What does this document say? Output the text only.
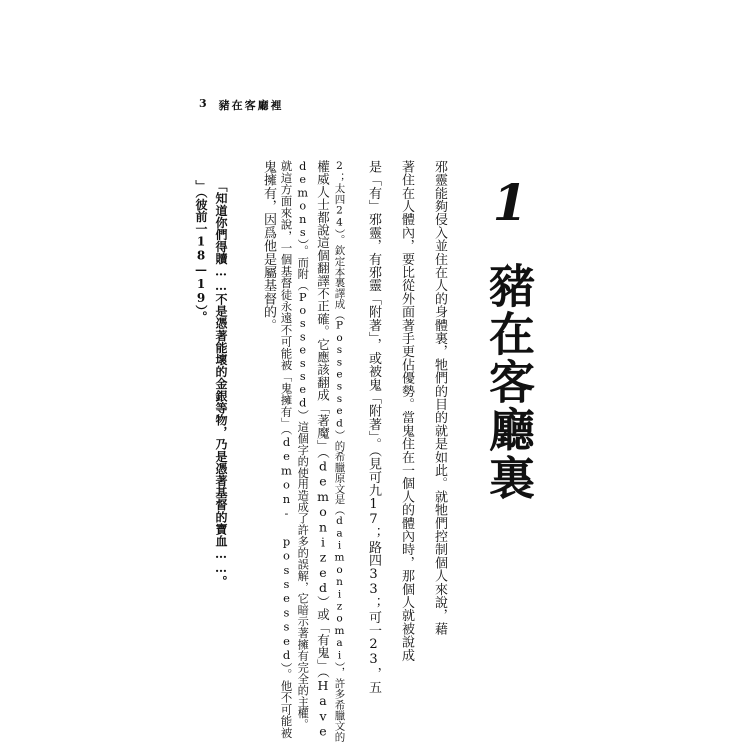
3 豬在客廳裡
1
豬在客廳裏
邪靈能夠侵入並住在人的身體裏，牠們的目的就是如此。就牠們控制個人來說，藉
著住在人體內，要比從外面著手更佔優勢。當鬼住在一個人的體內時，那個人就被說成
是「有」邪靈，有邪靈「附著」，或被鬼「附著」。（見可九17；路四33；可一23，五
2；太四24）。欽定本裏譯成（Possessed）的希臘原文是（daimonizomai），許多希臘文的
權威人士都說這個翻譯不正確。它應該翻成「著魔」（demonized）或「有鬼」（Have
demons）。而附（Possessed）這個字的使用造成了許多的誤解，它暗示著擁有完全的主權。
就這方面來說，一個基督徒永遠不可能被「鬼擁有」（demon- possessed）。他不可能被
鬼擁有，因爲他是屬基督的。
「知道你們得贖……不是憑著能壞的金銀等物，乃是憑著基督的寶血……。
」（彼前一18—19）。
